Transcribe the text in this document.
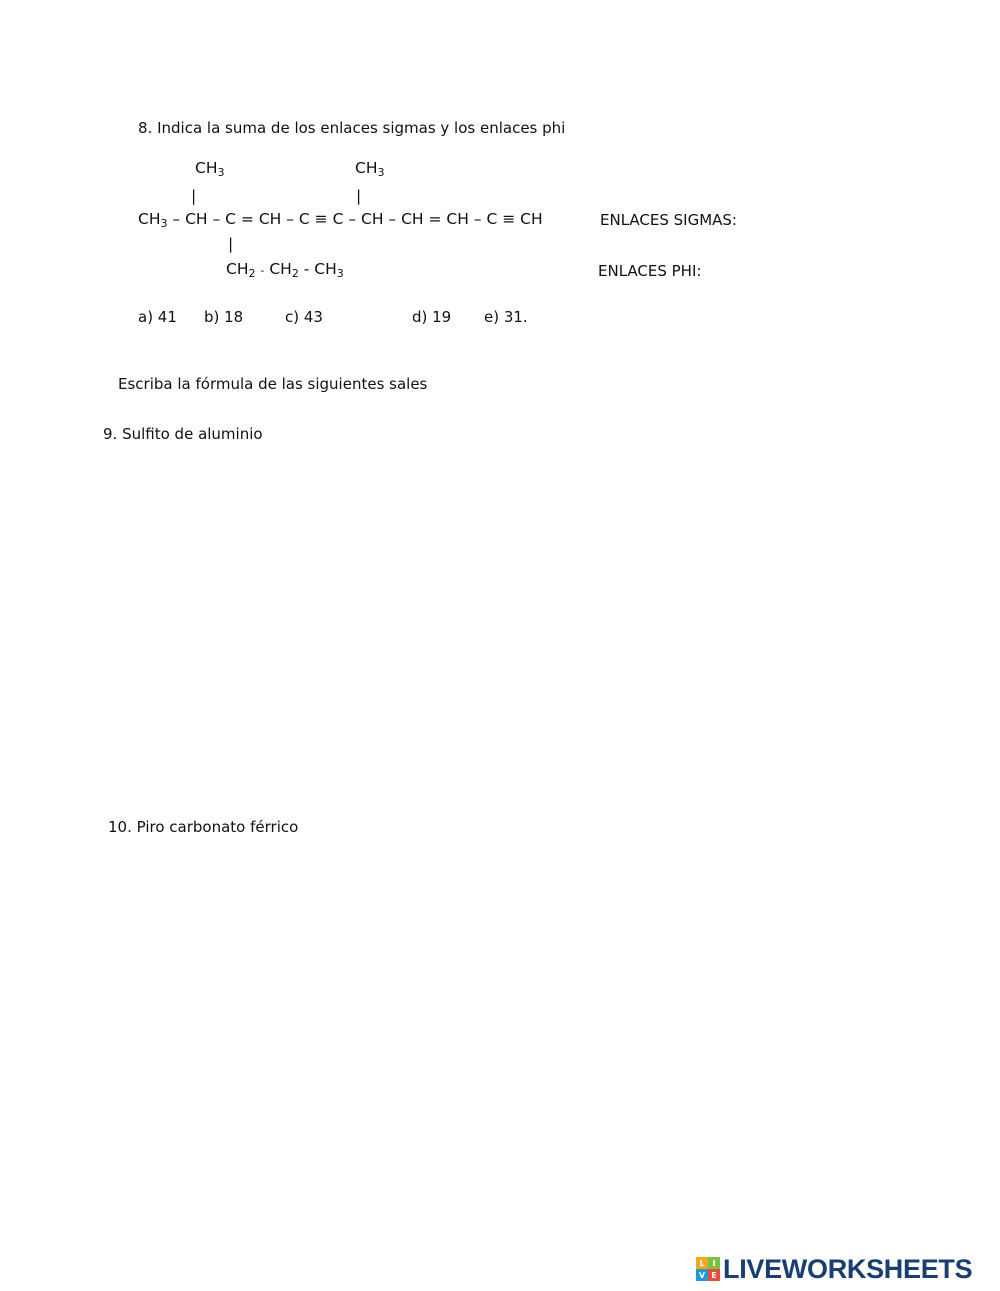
8. Indica la suma de los enlaces sigmas y los enlaces phi
$CH_3$	$CH_3$
|	|
$CH_3$ – CH – C = CH – C ≡ C – CH – CH = CH – C ≡ CH
|
$CH_2 - CH_2 - CH_3$
ENLACES SIGMAS:
ENLACES PHI:
a) 41 b) 18	c) 43	d) 19 e) 31.
Escriba la fórmula de las siguientes sales
9. Sulfito de aluminio
10. Piro carbonato férrico
L I
V E LIVEWORKSHEETS
